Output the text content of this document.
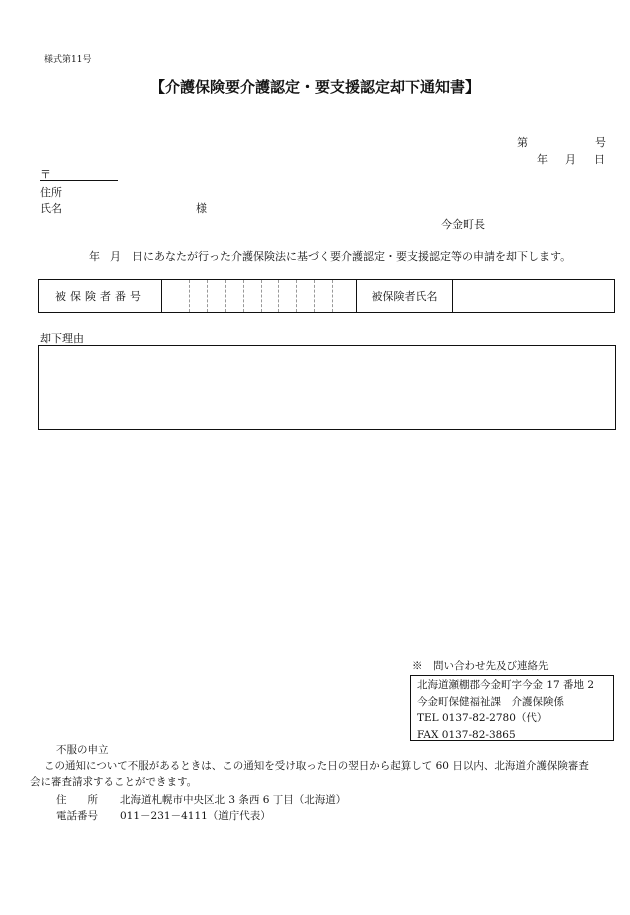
様式第11号
【介護保険要介護認定・要支援認定却下通知書】
第	号
年 月 日
〒
住所
氏名	様
今金町長
年 月 日にあなたが行った介護保険法に基づく要介護認定・要支援認定等の申請を却下します。
被保険者番号		被保険者氏名	
却下理由
※　問い合わせ先及び連絡先
北海道瀬棚郡今金町字今金 17 番地 2
今金町保健福祉課　介護保険係
TEL 0137-82-2780（代）
FAX 0137-82-3865
不服の申立
この通知について不服があるときは、この通知を受け取った日の翌日から起算して 60 日以内、北海道介護保険審査
会に審査請求することができます。
住　　所 北海道札幌市中央区北 3 条西 6 丁目（北海道）
電話番号 011－231－4111（道庁代表）
